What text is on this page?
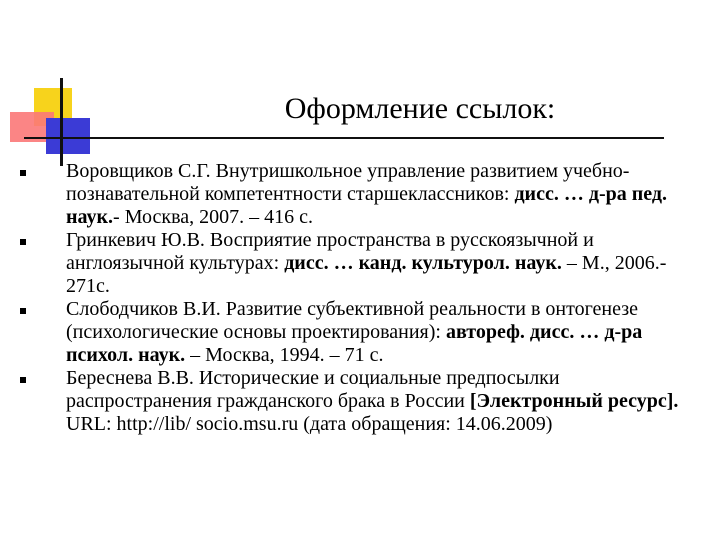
Оформление ссылок:
Воровщиков С.Г. Внутришкольное управление развитием учебно-познавательной компетентности старшеклассников: дисс. … д-ра пед. наук.- Москва, 2007. – 416 с.
Гринкевич Ю.В. Восприятие пространства в русскоязычной и англоязычной культурах: дисс. … канд. культурол. наук. – М., 2006.- 271с.
Слободчиков В.И. Развитие субъективной реальности в онтогенезе (психологические основы проектирования): автореф. дисс. … д-ра психол. наук. – Москва, 1994. – 71 с.
Береснева В.В. Исторические и социальные предпосылки распространения гражданского брака в России [Электронный ресурс]. URL: http://lib/ socio.msu.ru (дата обращения: 14.06.2009)
